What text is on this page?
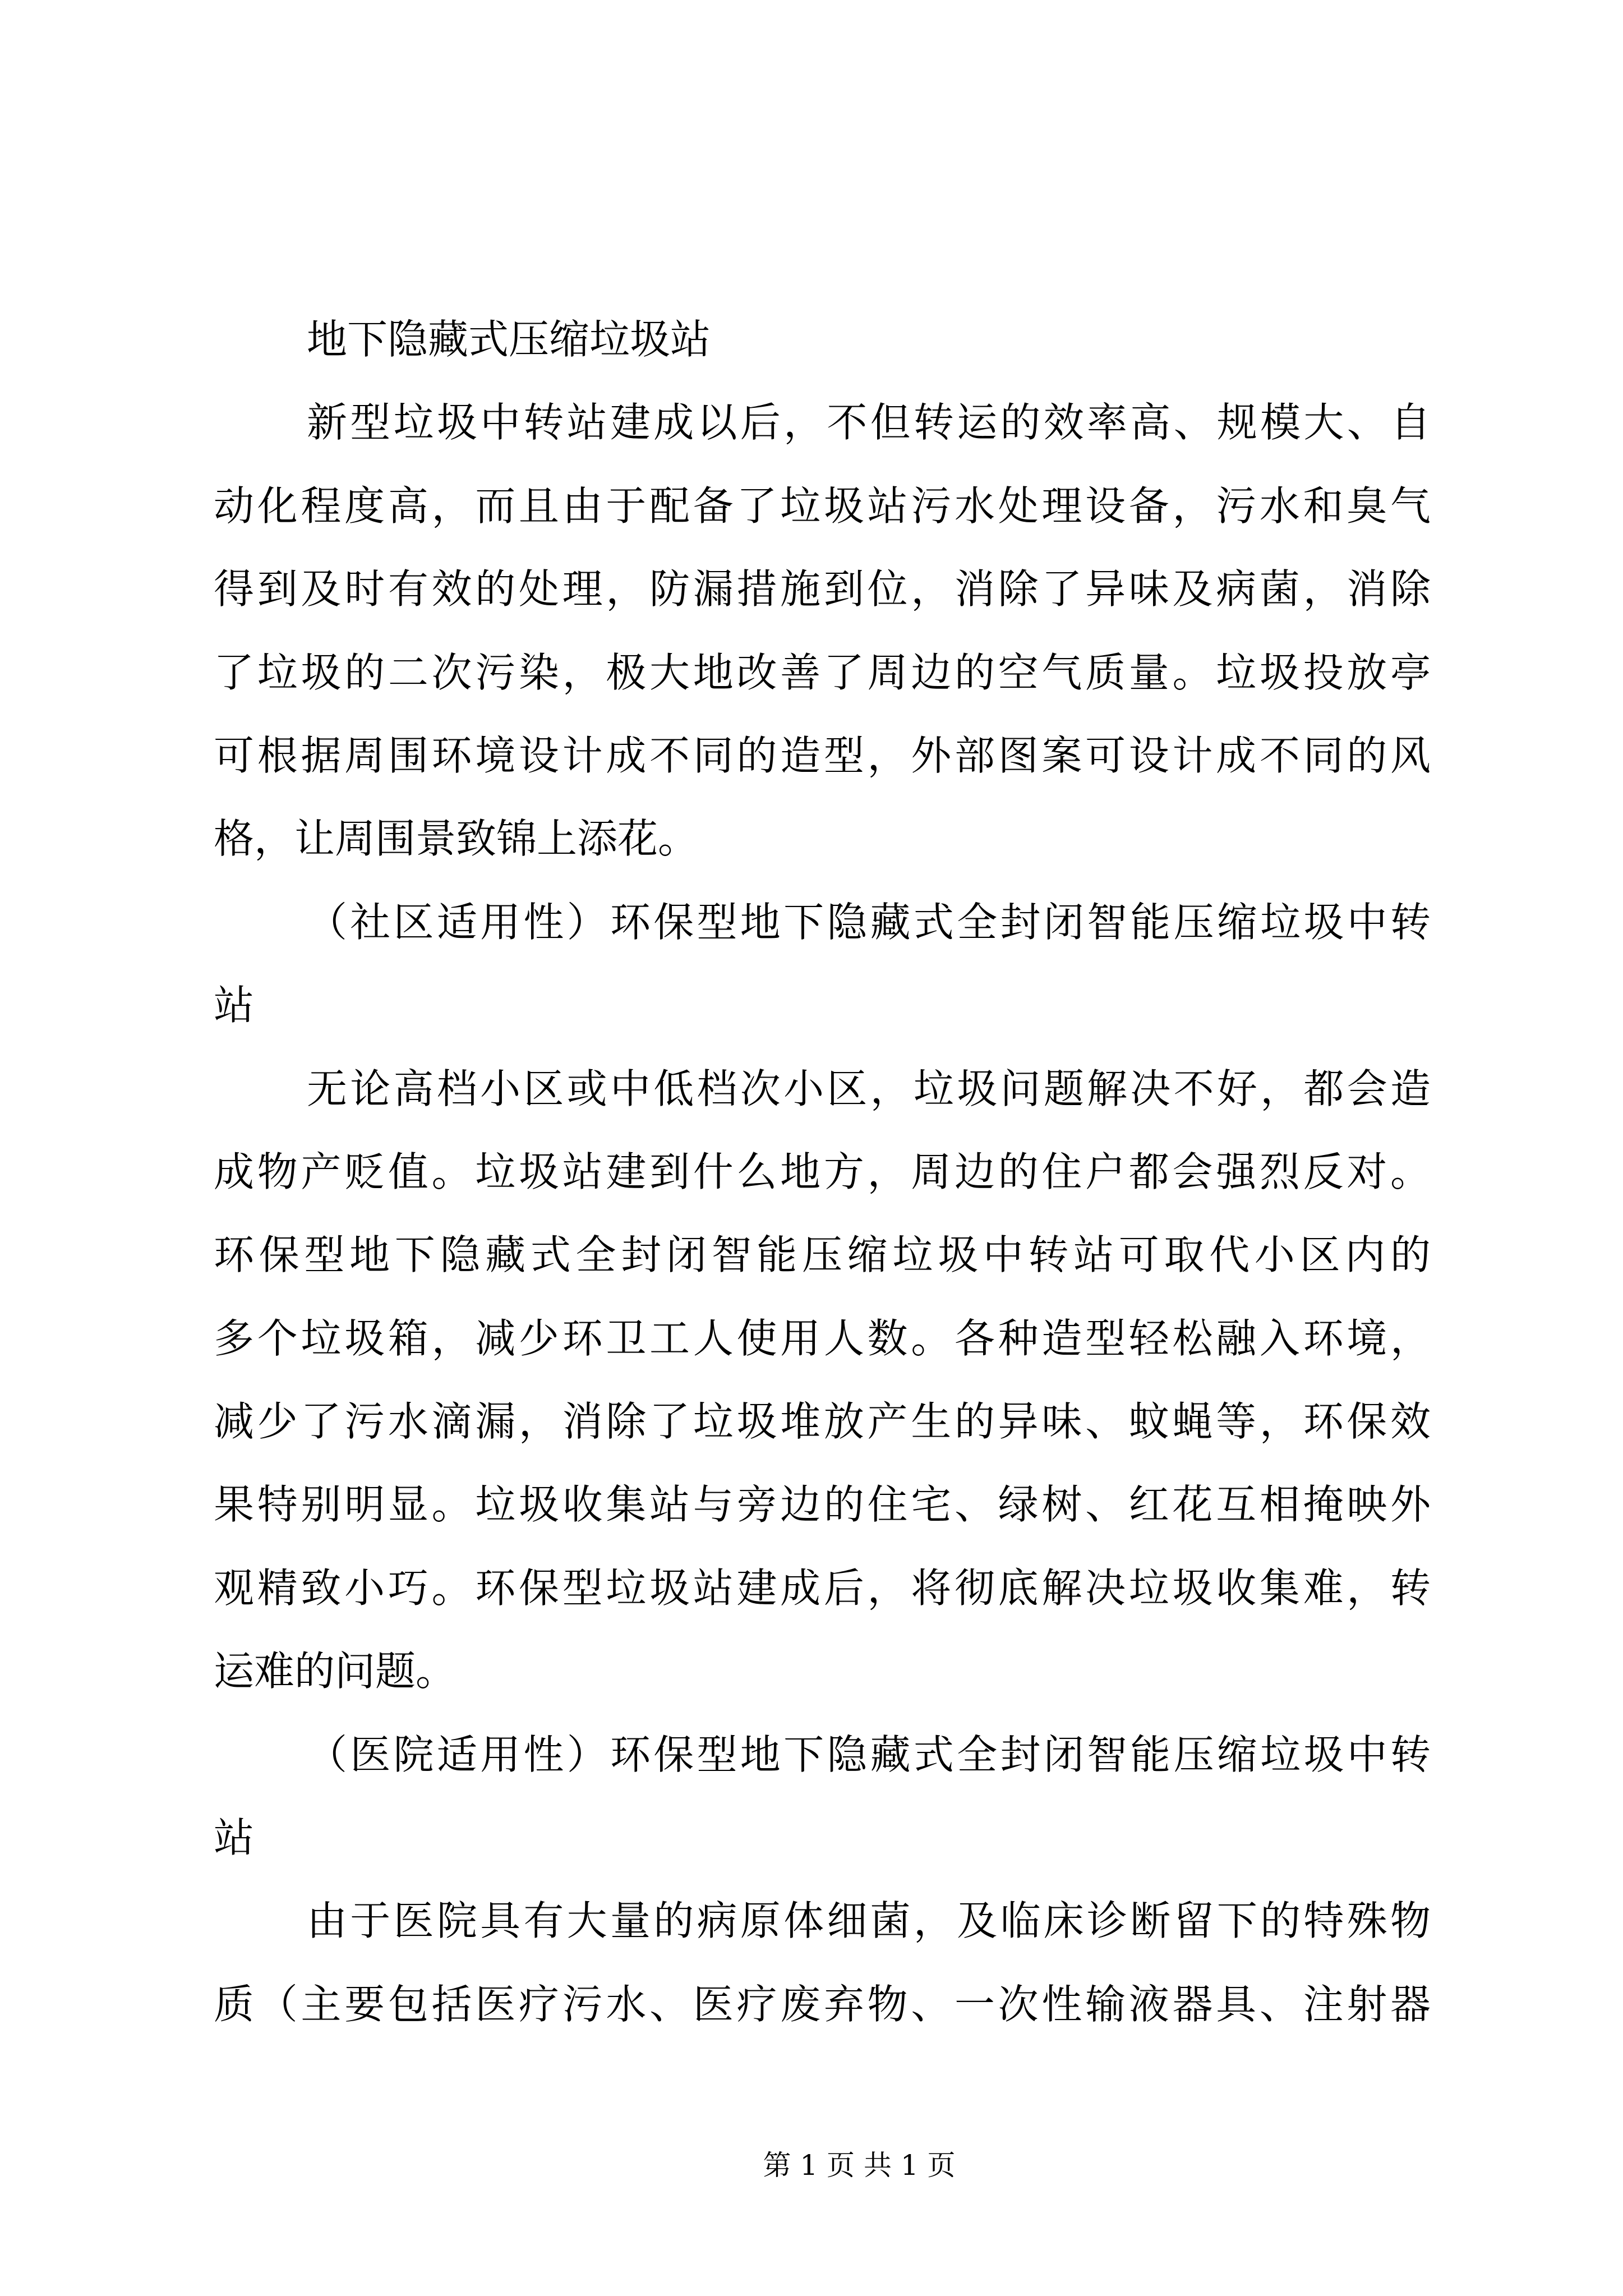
地下隐藏式压缩垃圾站
新型垃圾中转站建成以后，不但转运的效率高、规模大、自
动化程度高，而且由于配备了垃圾站污水处理设备，污水和臭气
得到及时有效的处理，防漏措施到位，消除了异味及病菌，消除
了垃圾的二次污染，极大地改善了周边的空气质量。垃圾投放亭
可根据周围环境设计成不同的造型，外部图案可设计成不同的风
格，让周围景致锦上添花。
（社区适用性）环保型地下隐藏式全封闭智能压缩垃圾中转
站
无论高档小区或中低档次小区，垃圾问题解决不好，都会造
成物产贬值。垃圾站建到什么地方，周边的住户都会强烈反对。
环保型地下隐藏式全封闭智能压缩垃圾中转站可取代小区内的
多个垃圾箱，减少环卫工人使用人数。各种造型轻松融入环境，
减少了污水滴漏，消除了垃圾堆放产生的异味、蚊蝇等，环保效
果特别明显。垃圾收集站与旁边的住宅、绿树、红花互相掩映外
观精致小巧。环保型垃圾站建成后，将彻底解决垃圾收集难，转
运难的问题。
（医院适用性）环保型地下隐藏式全封闭智能压缩垃圾中转
站
由于医院具有大量的病原体细菌，及临床诊断留下的特殊物
质（主要包括医疗污水、医疗废弃物、一次性输液器具、注射器
第 1 页 共 1 页
